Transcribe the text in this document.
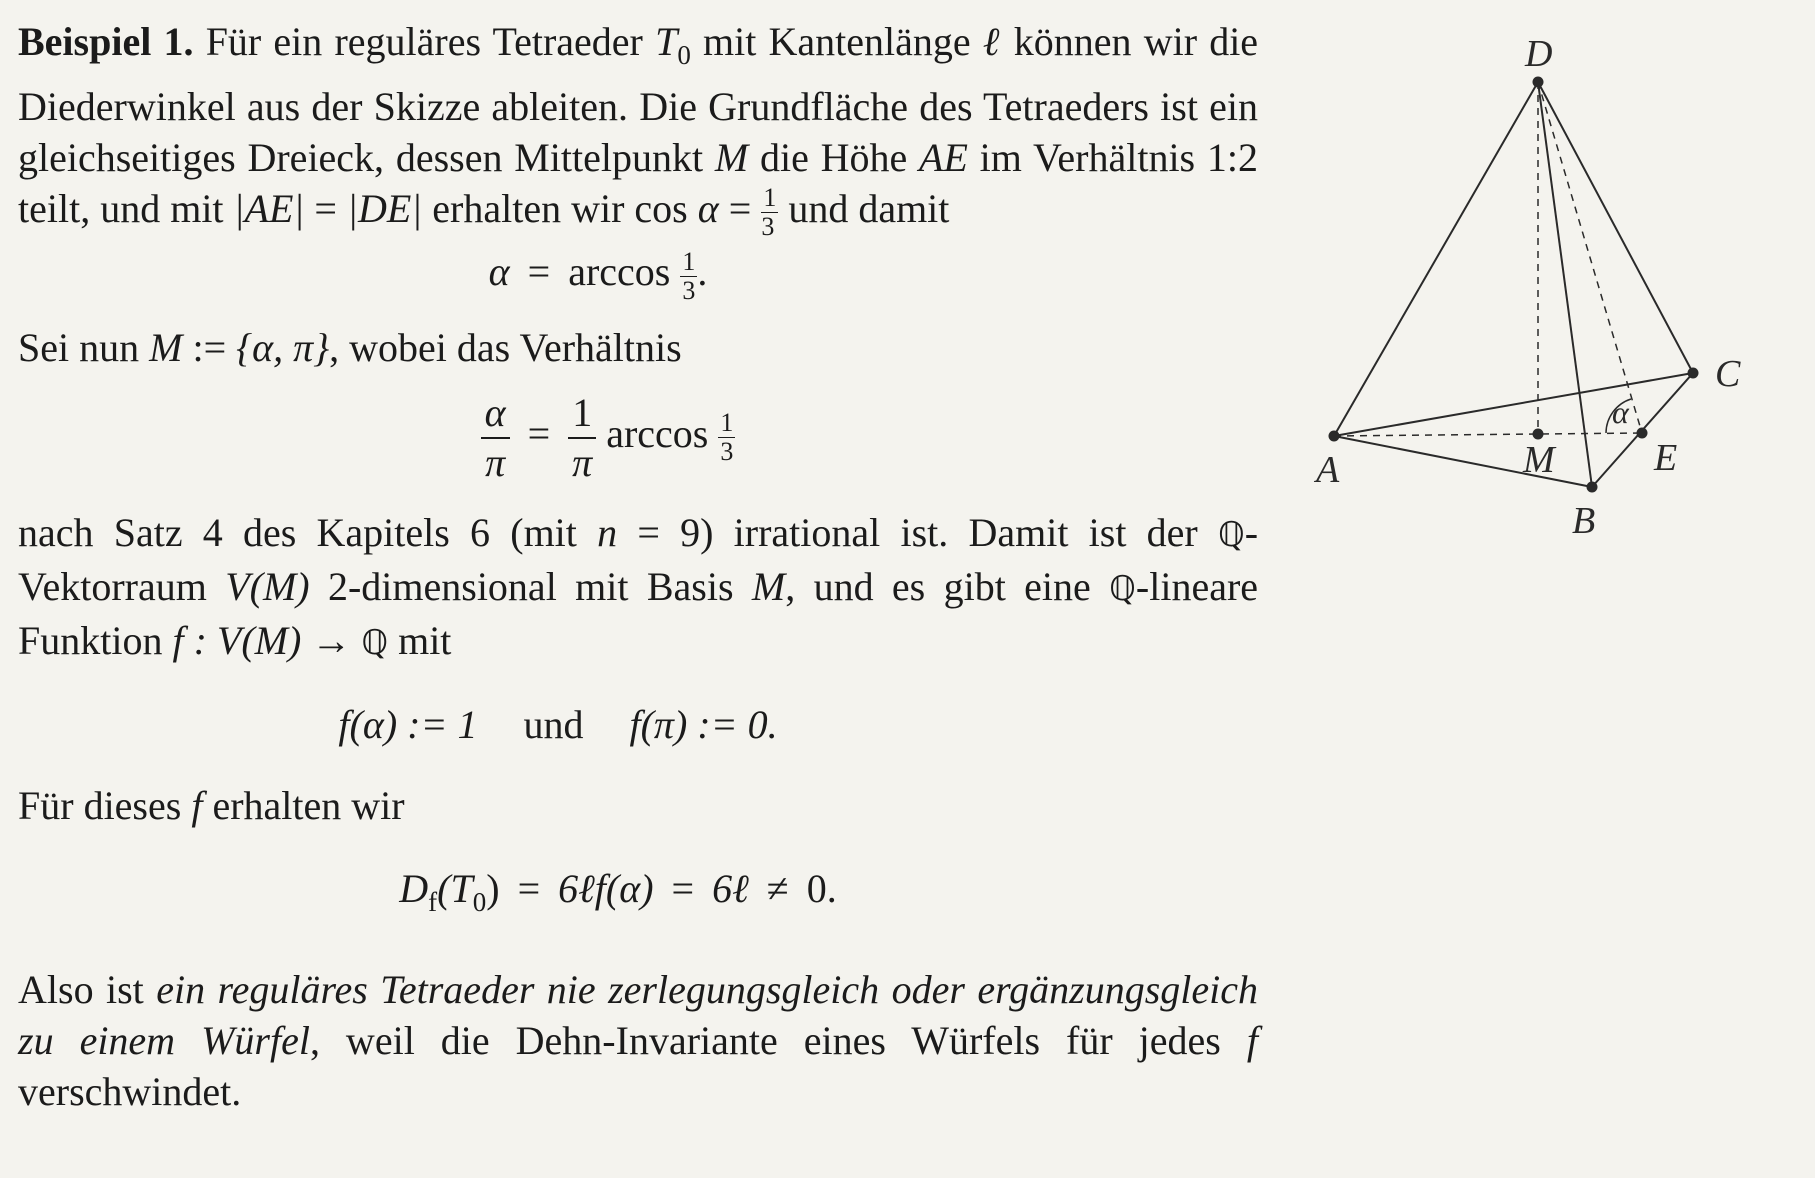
Beispiel 1. Für ein reguläres Tetraeder $T_0$ mit Kantenlänge ℓ können wir die Diederwinkel aus der Skizze ableiten. Die Grundfläche des Tetraeders ist ein gleichseitiges Dreieck, dessen Mittelpunkt M die Höhe AE im Verhältnis 1:2 teilt, und mit |AE| = |DE| erhalten wir $\cos \alpha = \frac{1}{3}$ und damit

$\alpha = \arccos \frac{1}{3}$ .

Sei nun M := {α, π}, wobei das Verhältnis

$\frac{\alpha}{\pi} = \frac{1}{\pi}$ $\arccos \frac{1}{3}$

nach Satz 4 des Kapitels 6 (mit n = 9) irrational ist. Damit ist der ℚ-Vektorraum V(M) 2-dimensional mit Basis M, und es gibt eine ℚ-lineare Funktion f : V(M) → ℚ mit

f(α) := 1 und f(π) := 0.

Für dieses f erhalten wir

$D_f(T_0)$ = 6ℓf(α) = 6ℓ ≠ 0.

Also ist ein reguläres Tetraeder nie zerlegungsgleich oder ergänzungsgleich zu einem Würfel, weil die Dehn-Invariante eines Würfels für jedes f verschwindet.

D
A
B
C
E
M
α
